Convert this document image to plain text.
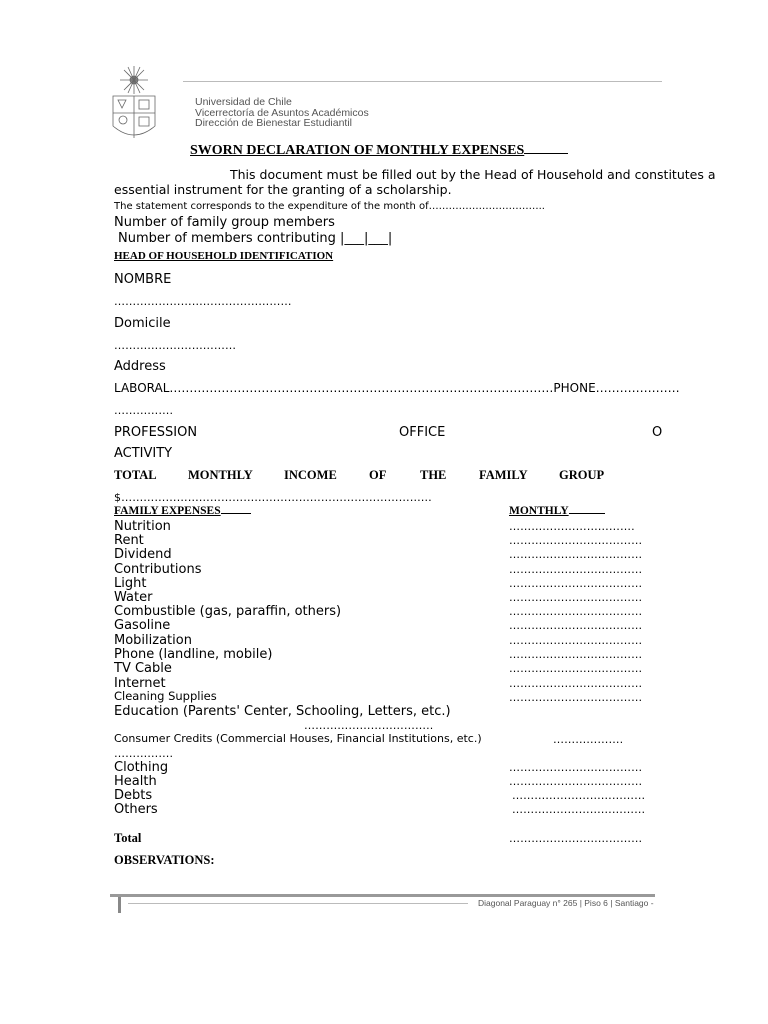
Universidad de Chile
Vicerrectoría de Asuntos Académicos
Dirección de Bienestar Estudiantil
SWORN DECLARATION OF MONTHLY EXPENSES
This document must be filled out by the Head of Household and constitutes a
essential instrument for the granting of a scholarship.
The statement corresponds to the expenditure of the month of……………………………..
Number of family group members
Number of members contributing |___|___|
HEAD OF HOUSEHOLD IDENTIFICATION
NOMBRE
…………………………………………
Domicile
……………………………
Address
LABORAL……………………………………………………………………………………PHONE…………………
…………….
PROFESSION	OFFICE	O
ACTIVITY
TOTAL	MONTHLY INCOME	OF	THE	FAMILY	GROUP
$…………………………………………………………………………
FAMILY EXPENSES	MONTHLY
Nutrition	…………………………….
Rent	………………………………
Dividend	………………………………
Contributions	………………………………
Light	………………………………
Water	………………………………
Combustible (gas, paraffin, others)	………………………………
Gasoline	………………………………
Mobilization	………………………………
Phone (landline, mobile)	………………………………
TV Cable	………………………………
Internet	………………………………
Cleaning Supplies	………………………………
Education (Parents' Center, Schooling, Letters, etc.)
……………………………..
Consumer Credits (Commercial Houses, Financial Institutions, etc.)	……………….
…………….
Clothing	………………………………
Health	………………………………
Debts	………………………………
Others	………………………………
Total	………………………………
OBSERVATIONS:
Diagonal Paraguay n° 265 | Piso 6 | Santiago -
